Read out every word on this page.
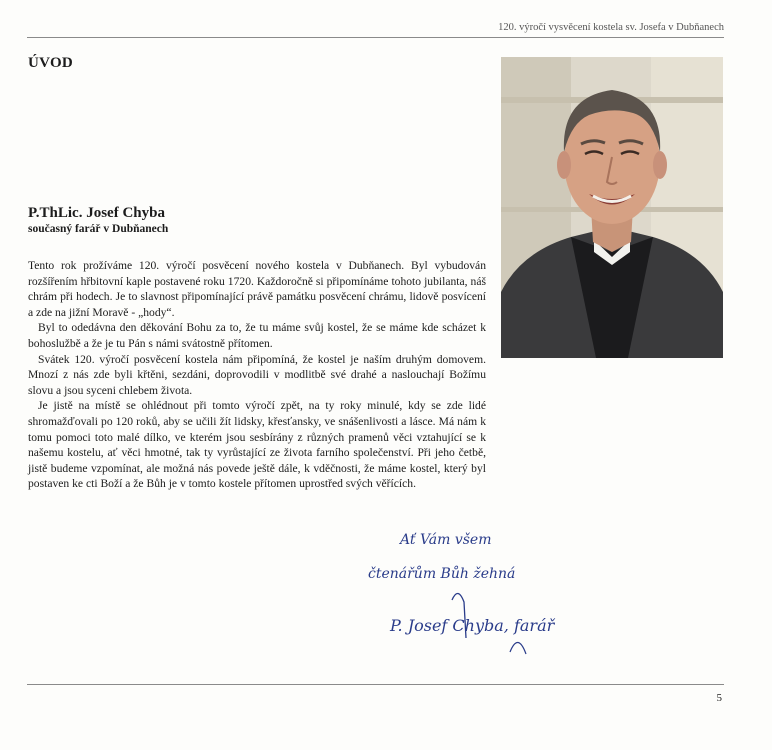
120. výročí vysvěcení kostela sv. Josefa v Dubňanech
ÚVOD
P.ThLic. Josef Chyba
současný farář v Dubňanech

Tento rok prožíváme 120. výročí posvěcení nového kostela v Dubňanech. Byl vybudován rozšířením hřbitovní kaple postavené roku 1720. Každoročně si připomínáme tohoto jubilanta, náš chrám při hodech. Je to slavnost připomínající právě památku posvěcení chrámu, lidově posvícení a zde na jižní Moravě - „hody“.

Byl to odedávna den děkování Bohu za to, že tu máme svůj kostel, že se máme kde scházet k bohoslužbě a že je tu Pán s námi svátostně přítomen.

Svátek 120. výročí posvěcení kostela nám připomíná, že kostel je naším druhým domovem. Mnozí z nás zde byli křtěni, sezdáni, doprovodili v modlitbě své drahé a naslouchají Božímu slovu a jsou syceni chlebem života.

Je jistě na místě se ohlédnout při tomto výročí zpět, na ty roky minulé, kdy se zde lidé shromažďovali po 120 roků, aby se učili žít lidsky, křesťansky, ve snášenlivosti a lásce. Má nám k tomu pomoci toto malé dílko, ve kterém jsou sesbírány z různých pramenů věci vztahující se k našemu kostelu, ať věci hmotné, tak ty vyrůstající ze života farního společenství. Při jeho četbě, jistě budeme vzpomínat, ale možná nás povede ještě dále, k vděčnosti, že máme kostel, který byl postaven ke cti Boží a že Bůh je v tomto kostele přítomen uprostřed svých věřících.

Ať Vám všem
čtenářům Bůh žehná
P. Josef Chyba, farář
5
